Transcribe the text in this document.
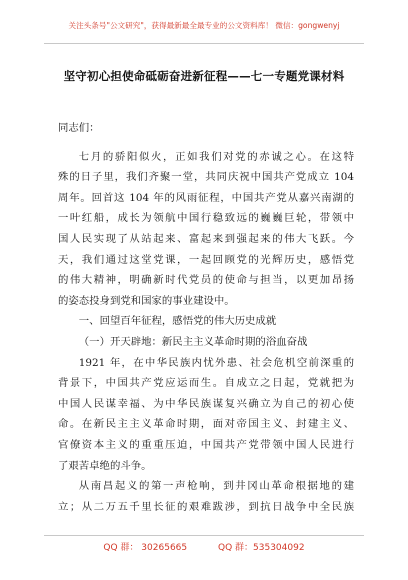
关注头条号"公文研究"，获得最新最全最专业的公文资料库！ 微信：gongwenyj
坚守初心担使命砥砺奋进新征程——七一专题党课材料
同志们：
七月的骄阳似火，正如我们对党的赤诚之心。在这特
殊的日子里，我们齐聚一堂，共同庆祝中国共产党成立 104
周年。回首这 104 年的风雨征程，中国共产党从嘉兴南湖的
一叶红船，成长为领航中国行稳致远的巍巍巨轮，带领中
国人民实现了从站起来、富起来到强起来的伟大飞跃。今
天，我们通过这堂党课，一起回顾党的光辉历史，感悟党
的伟大精神，明确新时代党员的使命与担当，以更加昂扬
的姿态投身到党和国家的事业建设中。
一、回望百年征程，感悟党的伟大历史成就
（一）开天辟地：新民主主义革命时期的浴血奋战
1921 年，在中华民族内忧外患、社会危机空前深重的
背景下，中国共产党应运而生。自成立之日起，党就把为
中国人民谋幸福、为中华民族谋复兴确立为自己的初心使
命。在新民主主义革命时期，面对帝国主义、封建主义、
官僚资本主义的重重压迫，中国共产党带领中国人民进行
了艰苦卓绝的斗争。
从南昌起义的第一声枪响，到井冈山革命根据地的建
立；从二万五千里长征的艰难跋涉，到抗日战争中全民族
QQ 群： 30265665	QQ 群：535304092
